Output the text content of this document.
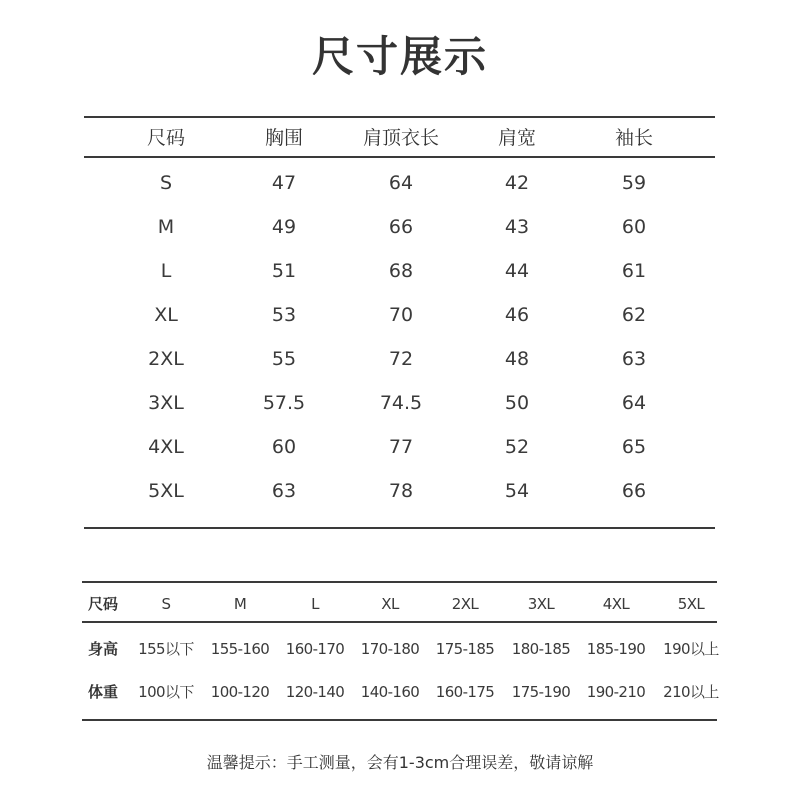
尺寸展示
尺码	胸围	肩顶衣长	肩宽	袖长
S	47	64	42	59
M	49	66	43	60
L	51	68	44	61
XL	53	70	46	62
2XL	55	72	48	63
3XL	57.5	74.5	50	64
4XL	60	77	52	65
5XL	63	78	54	66
尺码	S	M	L	XL	2XL	3XL	4XL	5XL
身高	155以下	155-160	160-170	170-180	175-185	180-185	185-190	190以上
体重	100以下	100-120	120-140	140-160	160-175	175-190	190-210	210以上
温馨提示：手工测量，会有1-3cm合理误差，敬请谅解
